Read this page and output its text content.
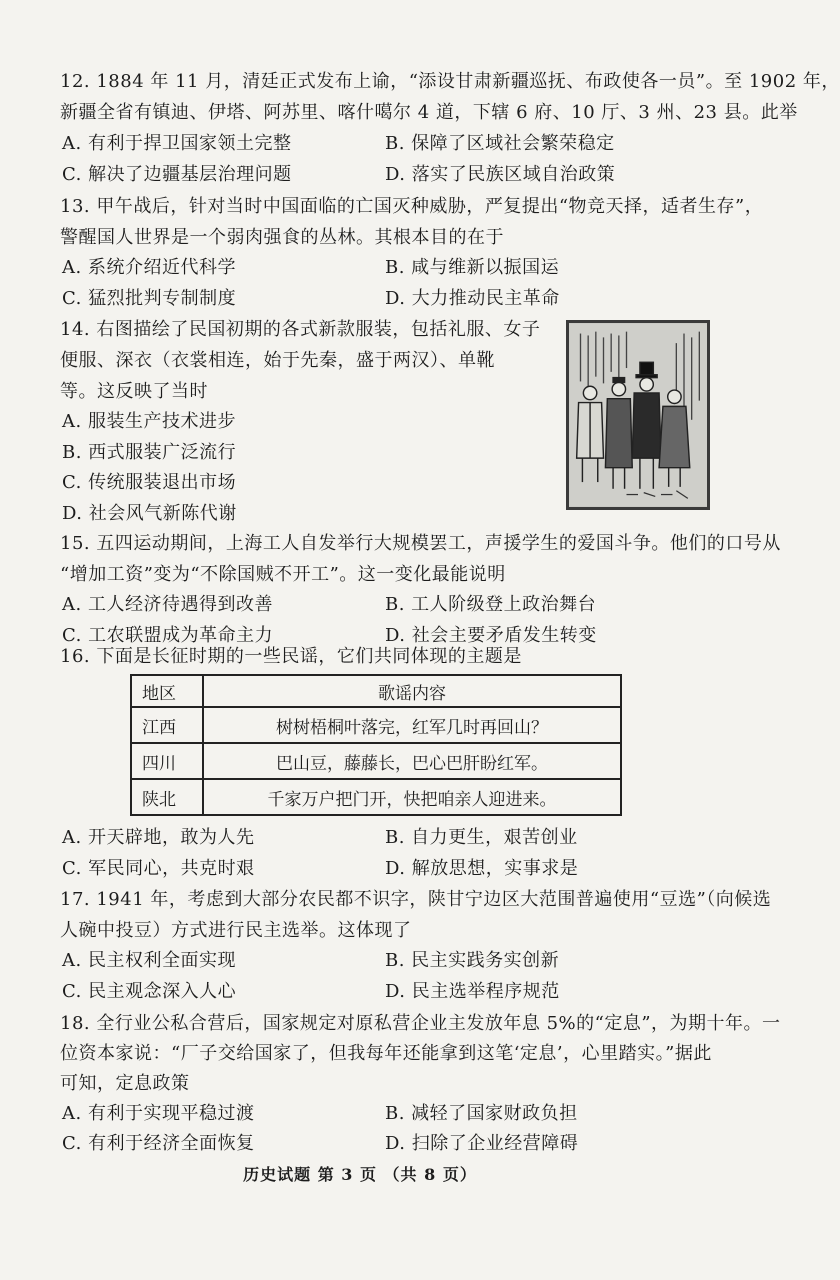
12. 1884 年 11 月，清廷正式发布上谕，“添设甘肃新疆巡抚、布政使各一员”。至 1902 年，
新疆全省有镇迪、伊塔、阿苏里、喀什噶尔 4 道，下辖 6 府、10 厅、3 州、23 县。此举
A. 有利于捍卫国家领土完整	B. 保障了区域社会繁荣稳定
C. 解决了边疆基层治理问题	D. 落实了民族区域自治政策
13. 甲午战后，针对当时中国面临的亡国灭种威胁，严复提出“物竞天择，适者生存”，
警醒国人世界是一个弱肉强食的丛林。其根本目的在于
A. 系统介绍近代科学	B. 咸与维新以振国运
C. 猛烈批判专制制度	D. 大力推动民主革命
14. 右图描绘了民国初期的各式新款服装，包括礼服、女子
便服、深衣（衣裳相连，始于先秦，盛于两汉）、单靴
等。这反映了当时
A. 服装生产技术进步
B. 西式服装广泛流行
C. 传统服装退出市场
D. 社会风气新陈代谢
15. 五四运动期间，上海工人自发举行大规模罢工，声援学生的爱国斗争。他们的口号从
“增加工资”变为“不除国贼不开工”。这一变化最能说明
A. 工人经济待遇得到改善	B. 工人阶级登上政治舞台
C. 工农联盟成为革命主力	D. 社会主要矛盾发生转变
16. 下面是长征时期的一些民谣，它们共同体现的主题是
地区	歌谣内容
江西	树树梧桐叶落完，红军几时再回山？
四川	巴山豆，藤藤长，巴心巴肝盼红军。
陕北	千家万户把门开，快把咱亲人迎进来。
A. 开天辟地，敢为人先	B. 自力更生，艰苦创业
C. 军民同心，共克时艰	D. 解放思想，实事求是
17. 1941 年，考虑到大部分农民都不识字，陕甘宁边区大范围普遍使用“豆选”（向候选
人碗中投豆）方式进行民主选举。这体现了
A. 民主权利全面实现	B. 民主实践务实创新
C. 民主观念深入人心	D. 民主选举程序规范
18. 全行业公私合营后，国家规定对原私营企业主发放年息 5%的“定息”，为期十年。一
位资本家说：“厂子交给国家了，但我每年还能拿到这笔‘定息’，心里踏实。”据此
可知，定息政策
A. 有利于实现平稳过渡	B. 减轻了国家财政负担
C. 有利于经济全面恢复	D. 扫除了企业经营障碍
历史试题 第 3 页 （共 8 页）
